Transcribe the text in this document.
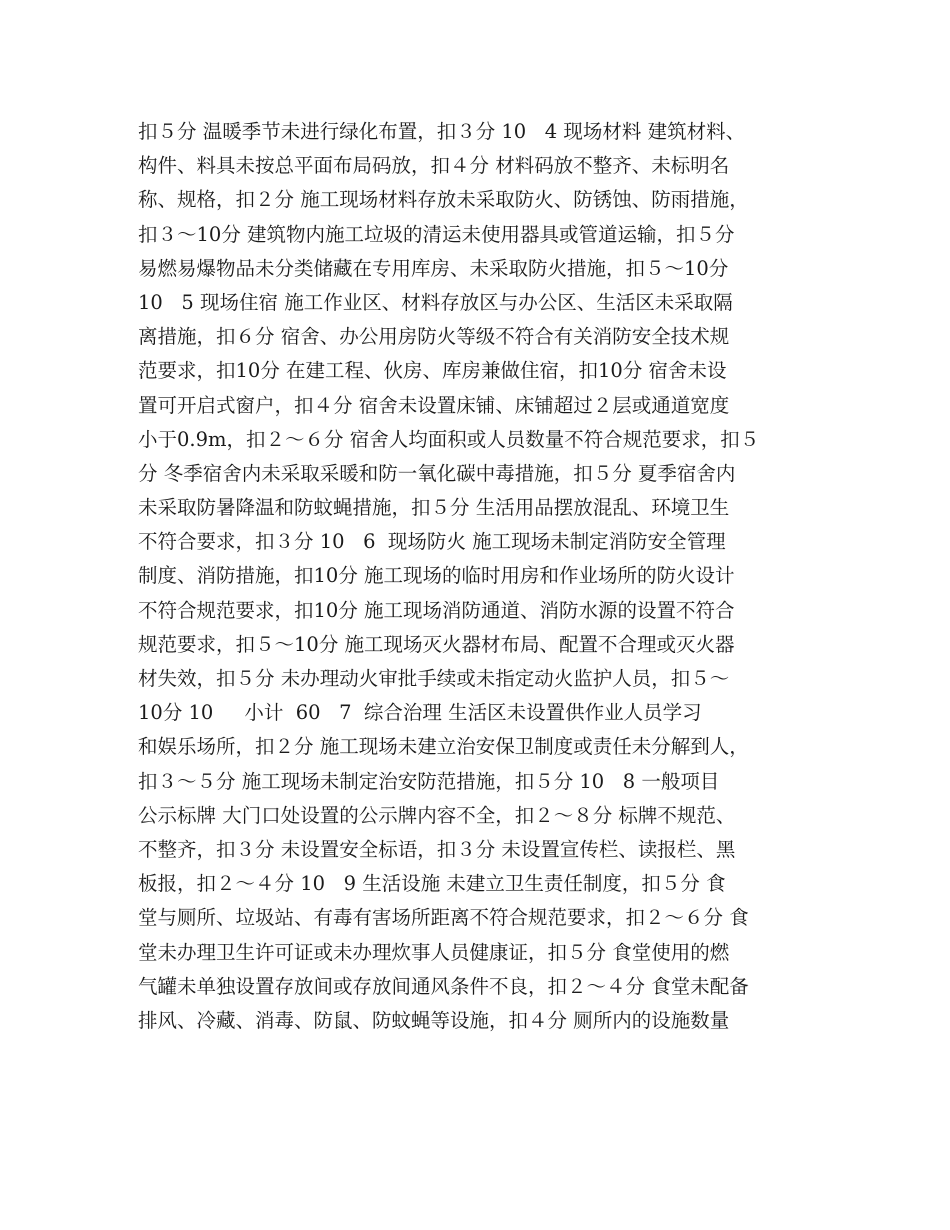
扣５分 温暖季节未进行绿化布置，扣３分 10   4 现场材料 建筑材料、
构件、料具未按总平面布局码放，扣４分 材料码放不整齐、未标明名
称、规格，扣２分 施工现场材料存放未采取防火、防锈蚀、防雨措施，
扣３～10分 建筑物内施工垃圾的清运未使用器具或管道运输，扣５分
易燃易爆物品未分类储藏在专用库房、未采取防火措施，扣５～10分
10   5 现场住宿 施工作业区、材料存放区与办公区、生活区未采取隔
离措施，扣６分 宿舍、办公用房防火等级不符合有关消防安全技术规
范要求，扣10分 在建工程、伙房、库房兼做住宿，扣10分 宿舍未设
置可开启式窗户，扣４分 宿舍未设置床铺、床铺超过２层或通道宽度
小于0.9m，扣２～６分 宿舍人均面积或人员数量不符合规范要求，扣５
分 冬季宿舍内未采取采暖和防一氧化碳中毒措施，扣５分 夏季宿舍内
未采取防暑降温和防蚊蝇措施，扣５分 生活用品摆放混乱、环境卫生
不符合要求，扣３分 10   6  现场防火 施工现场未制定消防安全管理
制度、消防措施，扣10分 施工现场的临时用房和作业场所的防火设计
不符合规范要求，扣10分 施工现场消防通道、消防水源的设置不符合
规范要求，扣５～10分 施工现场灭火器材布局、配置不合理或灭火器
材失效，扣５分 未办理动火审批手续或未指定动火监护人员，扣５～
10分 10     小计  60   7  综合治理 生活区未设置供作业人员学习
和娱乐场所，扣２分 施工现场未建立治安保卫制度或责任未分解到人，
扣３～５分 施工现场未制定治安防范措施，扣５分 10   8 一般项目
公示标牌 大门口处设置的公示牌内容不全，扣２～８分 标牌不规范、
不整齐，扣３分 未设置安全标语，扣３分 未设置宣传栏、读报栏、黑
板报，扣２～４分 10   9 生活设施 未建立卫生责任制度，扣５分 食
堂与厕所、垃圾站、有毒有害场所距离不符合规范要求，扣２～６分 食
堂未办理卫生许可证或未办理炊事人员健康证，扣５分 食堂使用的燃
气罐未单独设置存放间或存放间通风条件不良，扣２～４分 食堂未配备
排风、冷藏、消毒、防鼠、防蚊蝇等设施，扣４分 厕所内的设施数量
